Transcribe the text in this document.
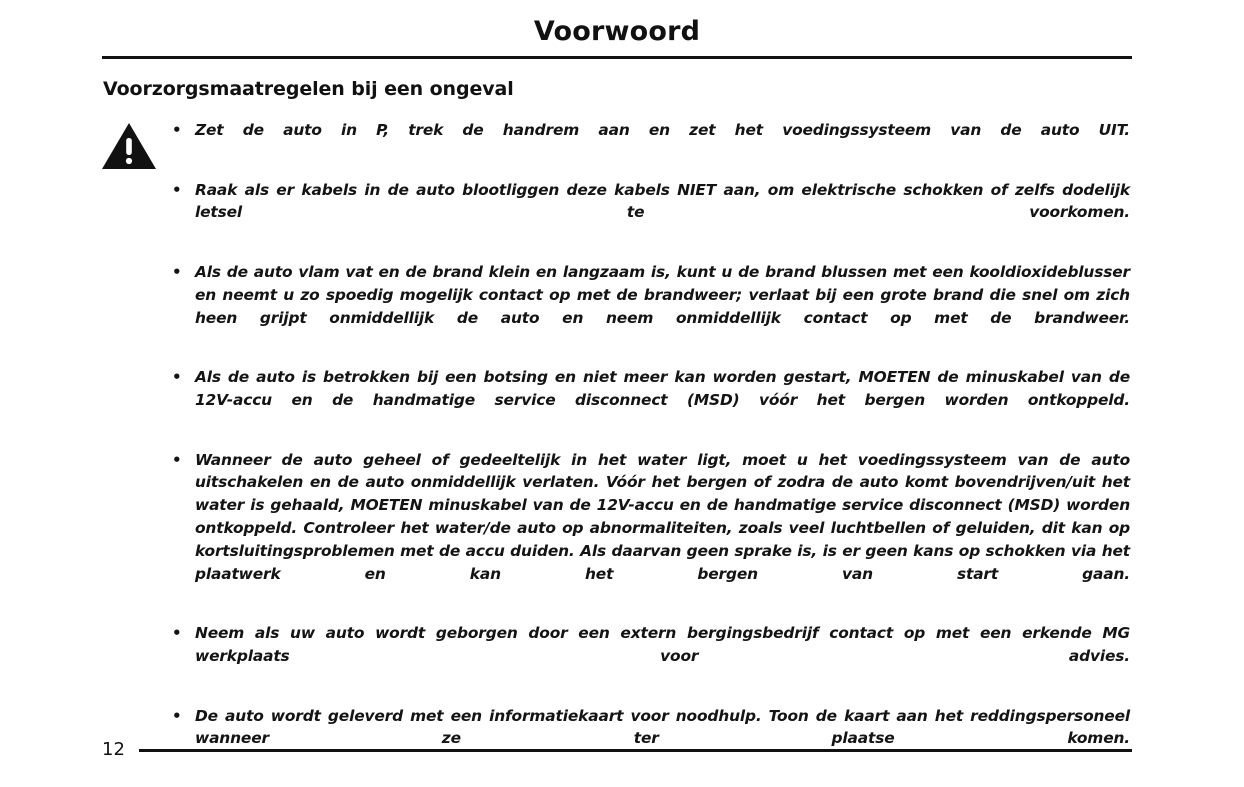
Voorwoord
Voorzorgsmaatregelen bij een ongeval
• Zet de auto in P, trek de handrem aan en zet het voedingssysteem van de auto UIT.
• Raak als er kabels in de auto blootliggen deze kabels NIET aan, om elektrische schokken of zelfs dodelijk letsel te voorkomen.
• Als de auto vlam vat en de brand klein en langzaam is, kunt u de brand blussen met een kooldioxideblusser en neemt u zo spoedig mogelijk contact op met de brandweer; verlaat bij een grote brand die snel om zich heen grijpt onmiddellijk de auto en neem onmiddellijk contact op met de brandweer.
• Als de auto is betrokken bij een botsing en niet meer kan worden gestart, MOETEN de minuskabel van de 12V-accu en de handmatige service disconnect (MSD) vóór het bergen worden ontkoppeld.
• Wanneer de auto geheel of gedeeltelijk in het water ligt, moet u het voedingssysteem van de auto uitschakelen en de auto onmiddellijk verlaten. Vóór het bergen of zodra de auto komt bovendrijven/uit het water is gehaald, MOETEN minuskabel van de 12V-accu en de handmatige service disconnect (MSD) worden ontkoppeld. Controleer het water/de auto op abnormaliteiten, zoals veel luchtbellen of geluiden, dit kan op kortsluitingsproblemen met de accu duiden. Als daarvan geen sprake is, is er geen kans op schokken via het plaatwerk en kan het bergen van start gaan.
• Neem als uw auto wordt geborgen door een extern bergingsbedrijf contact op met een erkende MG werkplaats voor advies.
• De auto wordt geleverd met een informatiekaart voor noodhulp. Toon de kaart aan het reddingspersoneel wanneer ze ter plaatse komen.
12
